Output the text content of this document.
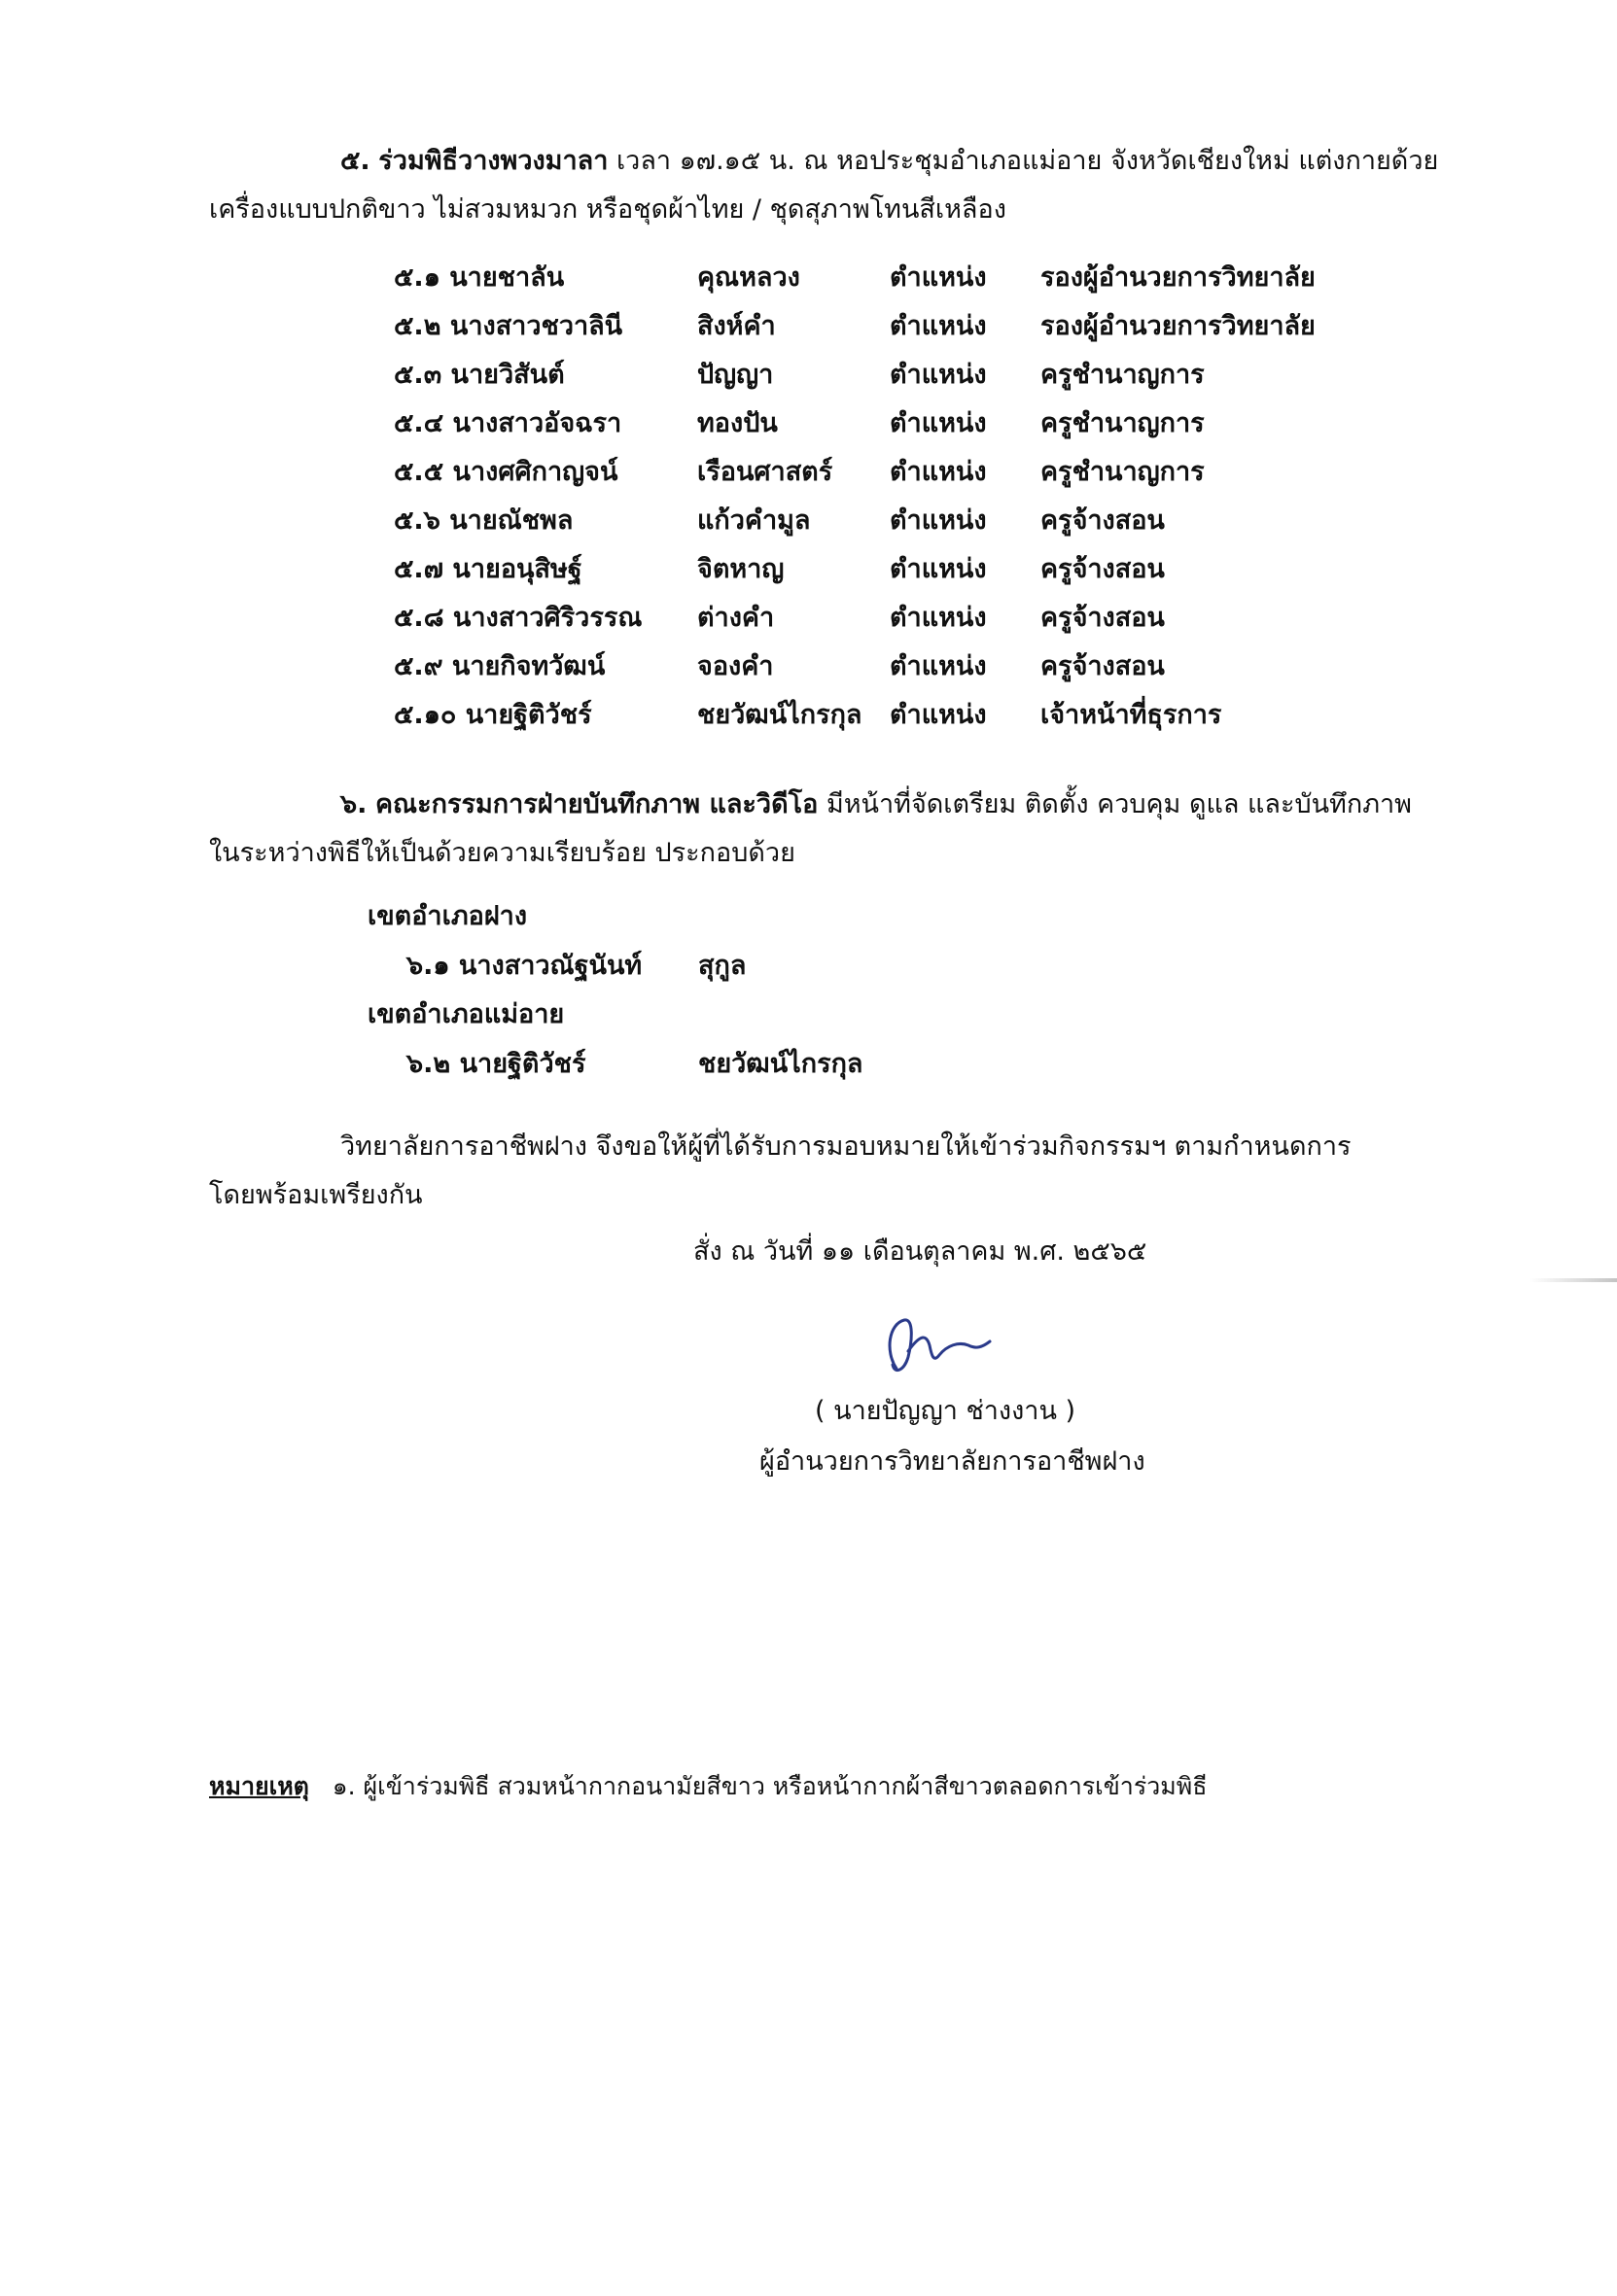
๕. ร่วมพิธีวางพวงมาลา เวลา ๑๗.๑๕ น. ณ หอประชุมอำเภอแม่อาย จังหวัดเชียงใหม่ แต่งกายด้วย
เครื่องแบบปกติขาว ไม่สวมหมวก หรือชุดผ้าไทย / ชุดสุภาพโทนสีเหลือง
๕.๑ นายชาลัน	คุณหลวง	ตำแหน่ง รองผู้อำนวยการวิทยาลัย
๕.๒ นางสาวชวาลินี	สิงห์คำ	ตำแหน่ง รองผู้อำนวยการวิทยาลัย
๕.๓ นายวิสันต์	ปัญญา	ตำแหน่ง ครูชำนาญการ
๕.๔ นางสาวอัจฉรา	ทองปัน	ตำแหน่ง ครูชำนาญการ
๕.๕ นางศศิกาญจน์	เรือนศาสตร์ ตำแหน่ง ครูชำนาญการ
๕.๖ นายณัชพล	แก้วคำมูล	ตำแหน่ง ครูจ้างสอน
๕.๗ นายอนุสิษฐ์	จิตหาญ	ตำแหน่ง ครูจ้างสอน
๕.๘ นางสาวศิริวรรณ ต่างคำ	ตำแหน่ง ครูจ้างสอน
๕.๙ นายกิจทวัฒน์	จองคำ	ตำแหน่ง ครูจ้างสอน
๕.๑๐ นายฐิติวัชร์	ชยวัฒน์ไกรกุล ตำแหน่ง เจ้าหน้าที่ธุรการ
๖. คณะกรรมการฝ่ายบันทึกภาพ และวิดีโอ มีหน้าที่จัดเตรียม ติดตั้ง ควบคุม ดูแล และบันทึกภาพ
ในระหว่างพิธีให้เป็นด้วยความเรียบร้อย ประกอบด้วย
เขตอำเภอฝาง
๖.๑ นางสาวณัฐนันท์ สุกูล
เขตอำเภอแม่อาย
๖.๒ นายฐิติวัชร์	ชยวัฒน์ไกรกุล
วิทยาลัยการอาชีพฝาง จึงขอให้ผู้ที่ได้รับการมอบหมายให้เข้าร่วมกิจกรรมฯ ตามกำหนดการ
โดยพร้อมเพรียงกัน
สั่ง ณ วันที่ ๑๑ เดือนตุลาคม พ.ศ. ๒๕๖๕
( นายปัญญา ช่างงาน )
ผู้อำนวยการวิทยาลัยการอาชีพฝาง
หมายเหตุ ๑. ผู้เข้าร่วมพิธี สวมหน้ากากอนามัยสีขาว หรือหน้ากากผ้าสีขาวตลอดการเข้าร่วมพิธี
